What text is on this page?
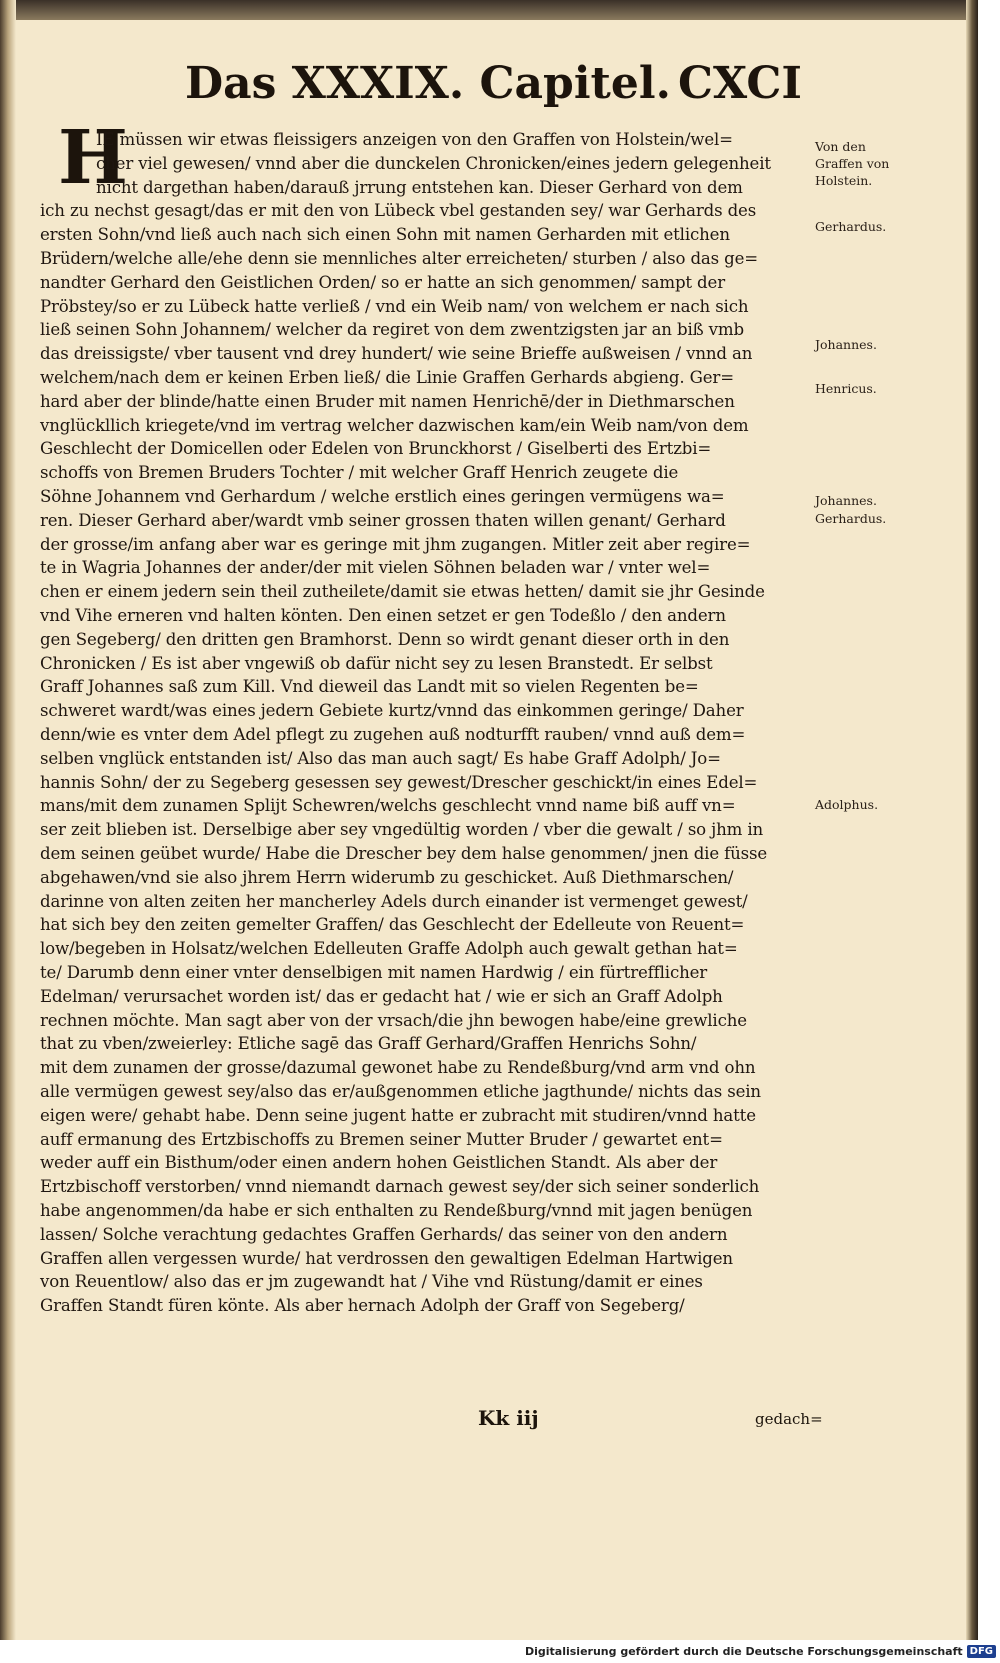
Das XXXIX. Capitel. CXCI
H
IE müssen wir etwas fleissigers anzeigen von den Graffen von Holstein/wel=
cher viel gewesen/ vnnd aber die dunckelen Chronicken/eines jedern gelegenheit
nicht dargethan haben/darauß jrrung entstehen kan. Dieser Gerhard von dem
ich zu nechst gesagt/das er mit den von Lübeck vbel gestanden sey/ war Gerhards des
ersten Sohn/vnd ließ auch nach sich einen Sohn mit namen Gerharden mit etlichen
Brüdern/welche alle/ehe denn sie mennliches alter erreicheten/ sturben / also das ge=
nandter Gerhard den Geistlichen Orden/ so er hatte an sich genommen/ sampt der
Pröbstey/so er zu Lübeck hatte verließ / vnd ein Weib nam/ von welchem er nach sich
ließ seinen Sohn Johannem/ welcher da regiret von dem zwentzigsten jar an biß vmb
das dreissigste/ vber tausent vnd drey hundert/ wie seine Brieffe außweisen / vnnd an
welchem/nach dem er keinen Erben ließ/ die Linie Graffen Gerhards abgieng. Ger=
hard aber der blinde/hatte einen Bruder mit namen Henrichē/der in Diethmarschen
vnglückllich kriegete/vnd im vertrag welcher dazwischen kam/ein Weib nam/von dem
Geschlecht der Domicellen oder Edelen von Brunckhorst / Giselberti des Ertzbi=
schoffs von Bremen Bruders Tochter / mit welcher Graff Henrich zeugete die
Söhne Johannem vnd Gerhardum / welche erstlich eines geringen vermügens wa=
ren. Dieser Gerhard aber/wardt vmb seiner grossen thaten willen genant/ Gerhard
der grosse/im anfang aber war es geringe mit jhm zugangen. Mitler zeit aber regire=
te in Wagria Johannes der ander/der mit vielen Söhnen beladen war / vnter wel=
chen er einem jedern sein theil zutheilete/damit sie etwas hetten/ damit sie jhr Gesinde
vnd Vihe erneren vnd halten könten. Den einen setzet er gen Todeßlo / den andern
gen Segeberg/ den dritten gen Bramhorst. Denn so wirdt genant dieser orth in den
Chronicken / Es ist aber vngewiß ob dafür nicht sey zu lesen Branstedt. Er selbst
Graff Johannes saß zum Kill. Vnd dieweil das Landt mit so vielen Regenten be=
schweret wardt/was eines jedern Gebiete kurtz/vnnd das einkommen geringe/ Daher
denn/wie es vnter dem Adel pflegt zu zugehen auß nodturfft rauben/ vnnd auß dem=
selben vnglück entstanden ist/ Also das man auch sagt/ Es habe Graff Adolph/ Jo=
hannis Sohn/ der zu Segeberg gesessen sey gewest/Drescher geschickt/in eines Edel=
mans/mit dem zunamen Splijt Schewren/welchs geschlecht vnnd name biß auff vn=
ser zeit blieben ist. Derselbige aber sey vngedültig worden / vber die gewalt / so jhm in
dem seinen geübet wurde/ Habe die Drescher bey dem halse genommen/ jnen die füsse
abgehawen/vnd sie also jhrem Herrn widerumb zu geschicket. Auß Diethmarschen/
darinne von alten zeiten her mancherley Adels durch einander ist vermenget gewest/
hat sich bey den zeiten gemelter Graffen/ das Geschlecht der Edelleute von Reuent=
low/begeben in Holsatz/welchen Edelleuten Graffe Adolph auch gewalt gethan hat=
te/ Darumb denn einer vnter denselbigen mit namen Hardwig / ein fürtrefflicher
Edelman/ verursachet worden ist/ das er gedacht hat / wie er sich an Graff Adolph
rechnen möchte. Man sagt aber von der vrsach/die jhn bewogen habe/eine grewliche
that zu vben/zweierley: Etliche sagē das Graff Gerhard/Graffen Henrichs Sohn/
mit dem zunamen der grosse/dazumal gewonet habe zu Rendeßburg/vnd arm vnd ohn
alle vermügen gewest sey/also das er/außgenommen etliche jagthunde/ nichts das sein
eigen were/ gehabt habe. Denn seine jugent hatte er zubracht mit studiren/vnnd hatte
auff ermanung des Ertzbischoffs zu Bremen seiner Mutter Bruder / gewartet ent=
weder auff ein Bisthum/oder einen andern hohen Geistlichen Standt. Als aber der
Ertzbischoff verstorben/ vnnd niemandt darnach gewest sey/der sich seiner sonderlich
habe angenommen/da habe er sich enthalten zu Rendeßburg/vnnd mit jagen benügen
lassen/ Solche verachtung gedachtes Graffen Gerhards/ das seiner von den andern
Graffen allen vergessen wurde/ hat verdrossen den gewaltigen Edelman Hartwigen
von Reuentlow/ also das er jm zugewandt hat / Vihe vnd Rüstung/damit er eines
Graffen Standt füren könte. Als aber hernach Adolph der Graff von Segeberg/
Von den
Graffen von
Holstein.
Gerhardus.
Johannes.
Henricus.
Johannes.
Gerhardus.
Adolphus.
Kk iij	gedach=
Digitalisierung gefördert durch die Deutsche Forschungsgemeinschaft DFG
